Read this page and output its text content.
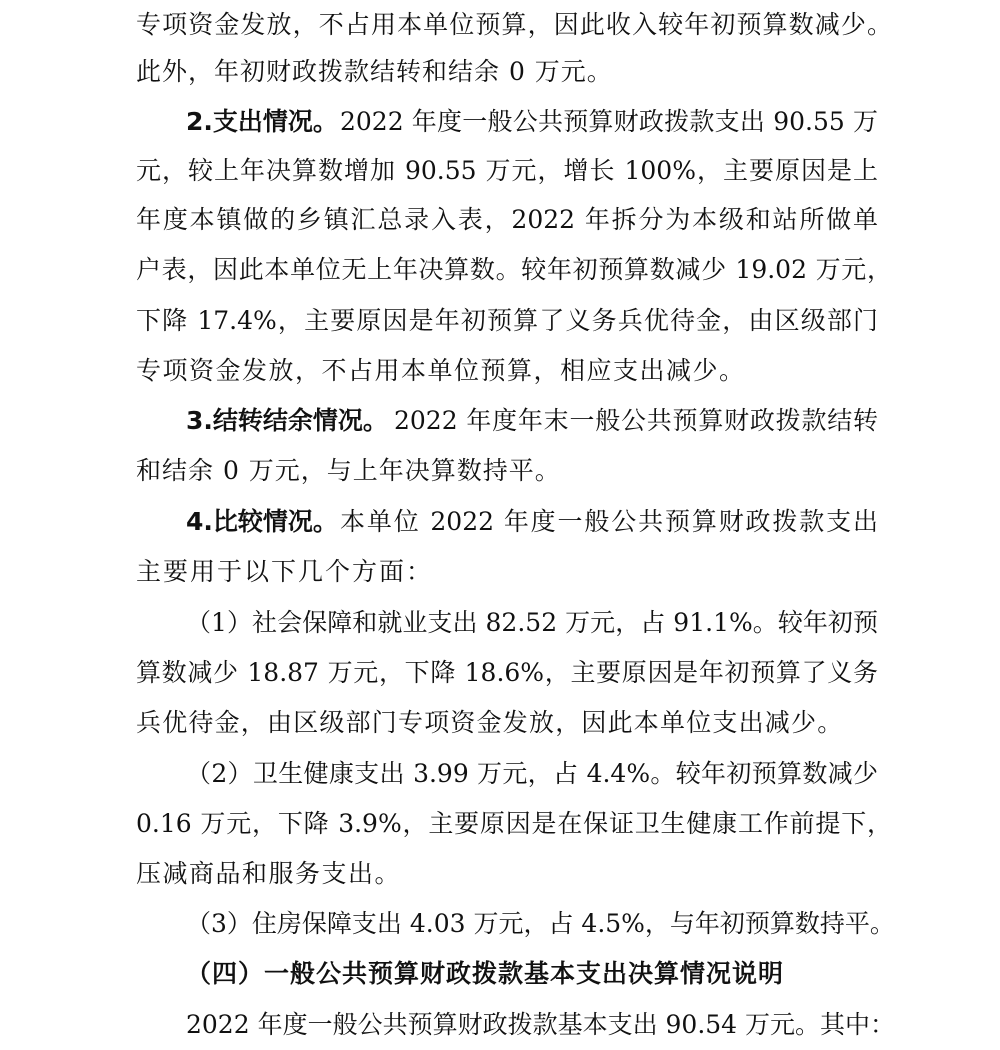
专项资金发放，不占用本单位预算，因此收入较年初预算数减少。
此外，年初财政拨款结转和结余 0 万元。
2.支出情况。 2022 年度一般公共预算财政拨款支出 90.55 万
元，较上年决算数增加 90.55 万元，增长 100%，主要原因是上
年度本镇做的乡镇汇总录入表，2022 年拆分为本级和站所做单
户表，因此本单位无上年决算数。较年初预算数减少 19.02 万元，
下降 17.4%，主要原因是年初预算了义务兵优待金，由区级部门
专项资金发放，不占用本单位预算，相应支出减少。
3.结转结余情况。 2022 年度年末一般公共预算财政拨款结转
和结余 0 万元，与上年决算数持平。
4.比较情况。 本单位 2022 年度一般公共预算财政拨款支出
主要用于以下几个方面：
（1）社会保障和就业支出 82.52 万元，占 91.1%。较年初预
算数减少 18.87 万元，下降 18.6%，主要原因是年初预算了义务
兵优待金，由区级部门专项资金发放，因此本单位支出减少。
（2）卫生健康支出 3.99 万元，占 4.4%。较年初预算数减少
0.16 万元，下降 3.9%，主要原因是在保证卫生健康工作前提下，
压减商品和服务支出。
（3）住房保障支出 4.03 万元，占 4.5%，与年初预算数持平。
（四）一般公共预算财政拨款基本支出决算情况说明
2022 年度一般公共预算财政拨款基本支出 90.54 万元。其中：
